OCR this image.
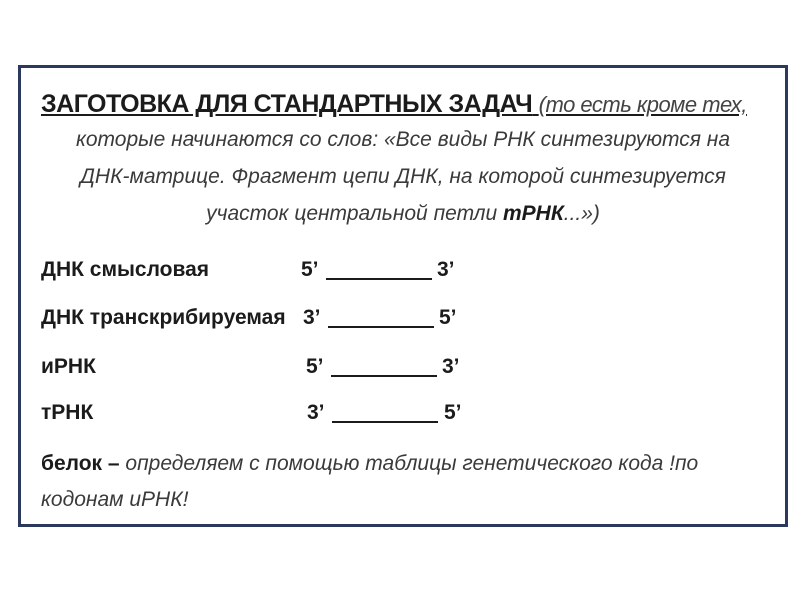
ЗАГОТОВКА ДЛЯ СТАНДАРТНЫХ ЗАДАЧ (то есть кроме тех,
которые начинаются со слов: «Все виды РНК синтезируются на
ДНК-матрице. Фрагмент цепи ДНК, на которой синтезируется
участок центральной петли тРНК...»)
ДНК смысловая	5’	3’
ДНК транскрибируемая 3’	5’
иРНК	5’	3’
тРНК	3’	5’
белок – определяем с помощью таблицы генетического кода !по
кодонам иРНК!
